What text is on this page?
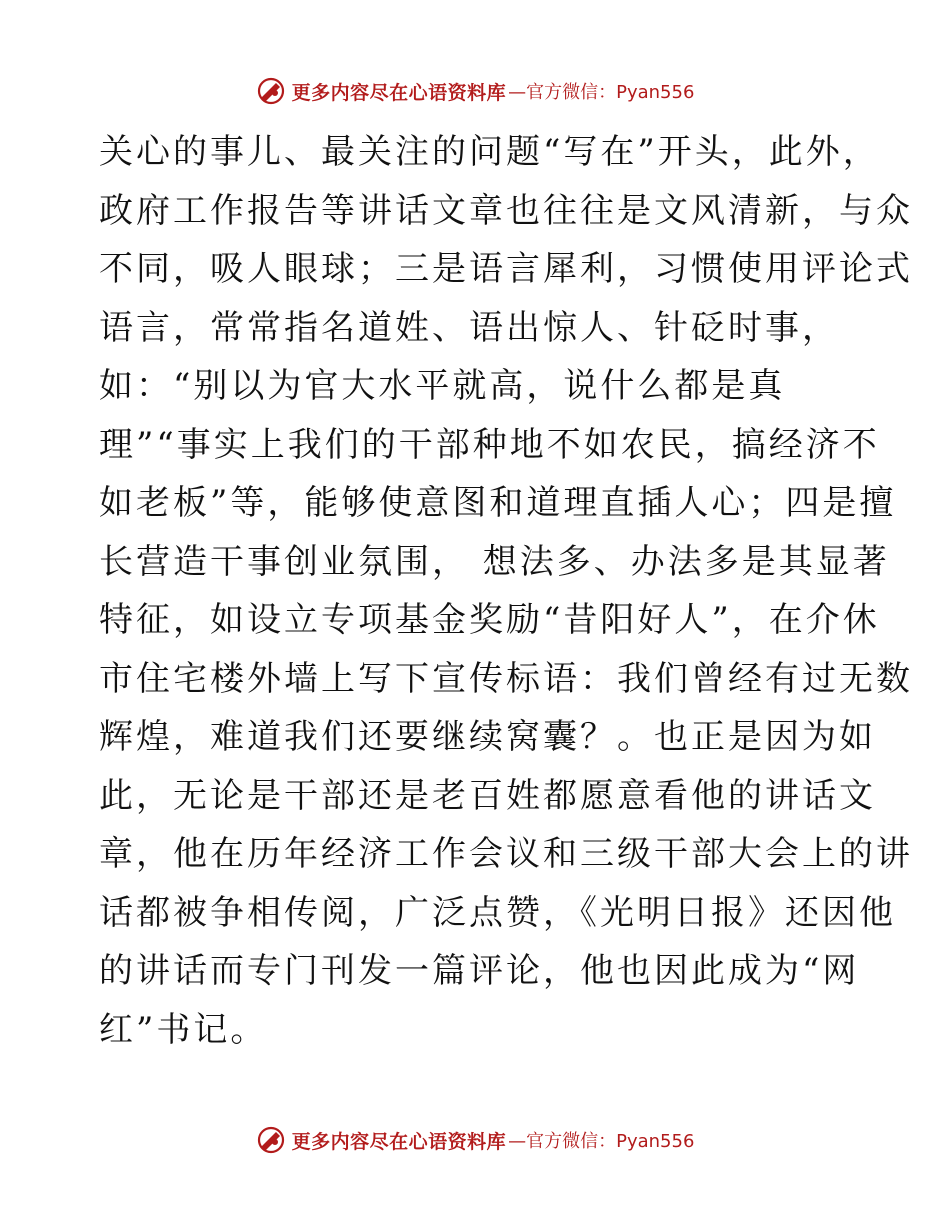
更多内容尽在心语资料库 —官方微信：Pyan556
关心的事儿、最关注的问题“写在”开头，此外，
政府工作报告等讲话文章也往往是文风清新，与众
不同，吸人眼球；三是语言犀利，习惯使用评论式
语言，常常指名道姓、语出惊人、针砭时事，
如：“别以为官大水平就高，说什么都是真
理”“事实上我们的干部种地不如农民，搞经济不
如老板”等，能够使意图和道理直插人心；四是擅
长营造干事创业氛围， 想法多、办法多是其显著
特征，如设立专项基金奖励“昔阳好人”，在介休
市住宅楼外墙上写下宣传标语：我们曾经有过无数
辉煌，难道我们还要继续窝囊？。也正是因为如
此，无论是干部还是老百姓都愿意看他的讲话文
章，他在历年经济工作会议和三级干部大会上的讲
话都被争相传阅，广泛点赞，《光明日报》还因他
的讲话而专门刊发一篇评论，他也因此成为“网
红”书记。
更多内容尽在心语资料库 —官方微信：Pyan556
